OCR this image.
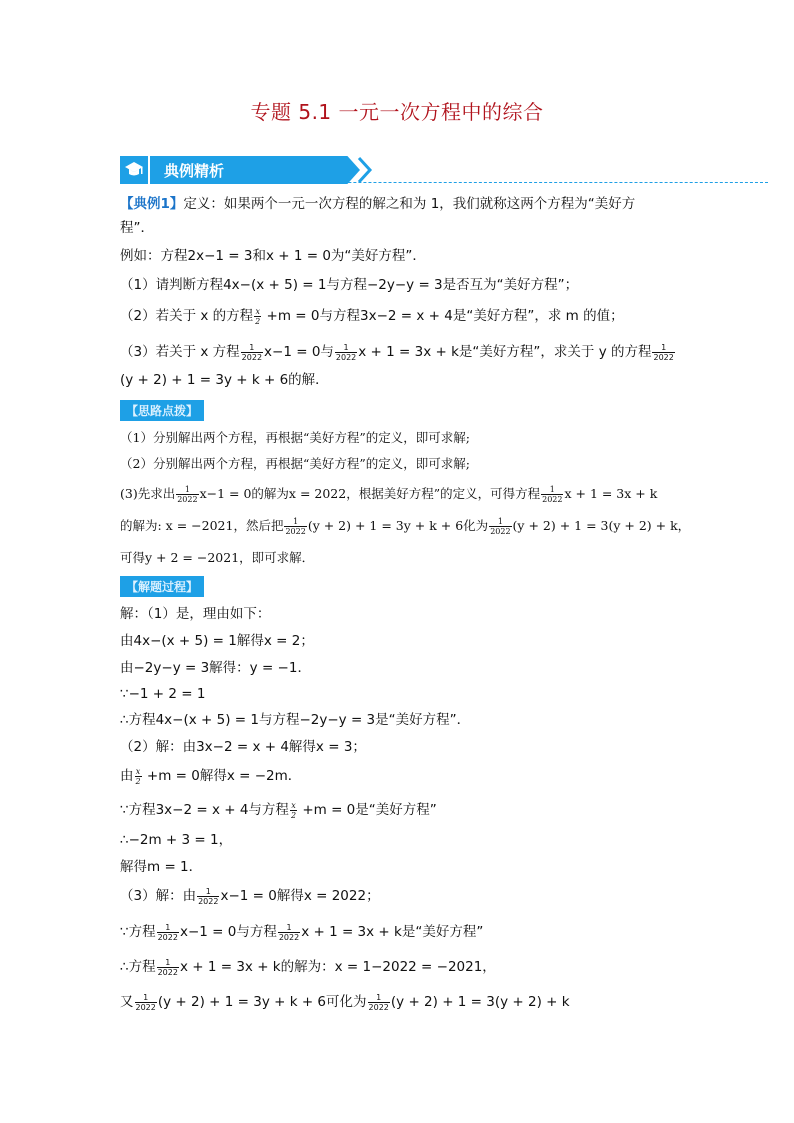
专题 5.1 一元一次方程中的综合
典例精析
【典例1】定义：如果两个一元一次方程的解之和为 1，我们就称这两个方程为“美好方
程”．
例如：方程2x−1 = 3和x + 1 = 0为“美好方程”．
（1）请判断方程4x−(x + 5) = 1与方程−2y−y = 3是否互为“美好方程”；
（2）若关于 x 的方程 $\frac{x}{2} +m = 0$与方程3x−2 = x + 4是“美好方程”，求 m 的值；
（3）若关于 x 方程 $\frac{1}{2022} x-1 = 0$与 $\frac{1}{2022}$ x + 1 = 3x + k是“美好方程”，求关于 y 的方程 $\frac{1}{2022}$
(y + 2) + 1 = 3y + k + 6的解．
【思路点拨】
（1）分别解出两个方程，再根据“美好方程”的定义，即可求解;
（2）分别解出两个方程，再根据“美好方程”的定义，即可求解;
(3)先求出 $\frac{1}{2022} x-1 = 0$的解为x = 2022，根据美好方程”的定义，可得方程 $\frac{1}{2022}$ x + 1 = 3x + k
的解为: x = −2021，然后把 $\frac{1}{2022} (y + 2) + 1 = 3y + k + 6$化为 $\frac{1}{2022} (y + 2) + 1 = 3(y + 2) + k$，
可得y + 2 = −2021，即可求解．
【解题过程】
解：（1）是，理由如下：
由4x−(x + 5) = 1解得x = 2；
由−2y−y = 3解得：y = −1．
∵−1 + 2 = 1
∴方程4x−(x + 5) = 1与方程−2y−y = 3是“美好方程”．
（2）解：由3x−2 = x + 4解得x = 3；
由 $\frac{x}{2} +m = 0$解得x = −2m．
∵方程3x−2 = x + 4与方程 $\frac{x}{2} +m = 0$是“美好方程”
∴−2m + 3 = 1，
解得m = 1．
（3）解：由 $\frac{1}{2022} x-1 = 0$解得x = 2022；
∵方程 $\frac{1}{2022} x-1 = 0$与方程 $\frac{1}{2022}$ x + 1 = 3x + k是“美好方程”
∴方程 $\frac{1}{2022}$ x + 1 = 3x + k的解为：x = 1−2022 = −2021，
又 $\frac{1}{2022} (y + 2) + 1 = 3y + k + 6$可化为 $\frac{1}{2022} (y + 2) + 1 = 3(y + 2) + k$
